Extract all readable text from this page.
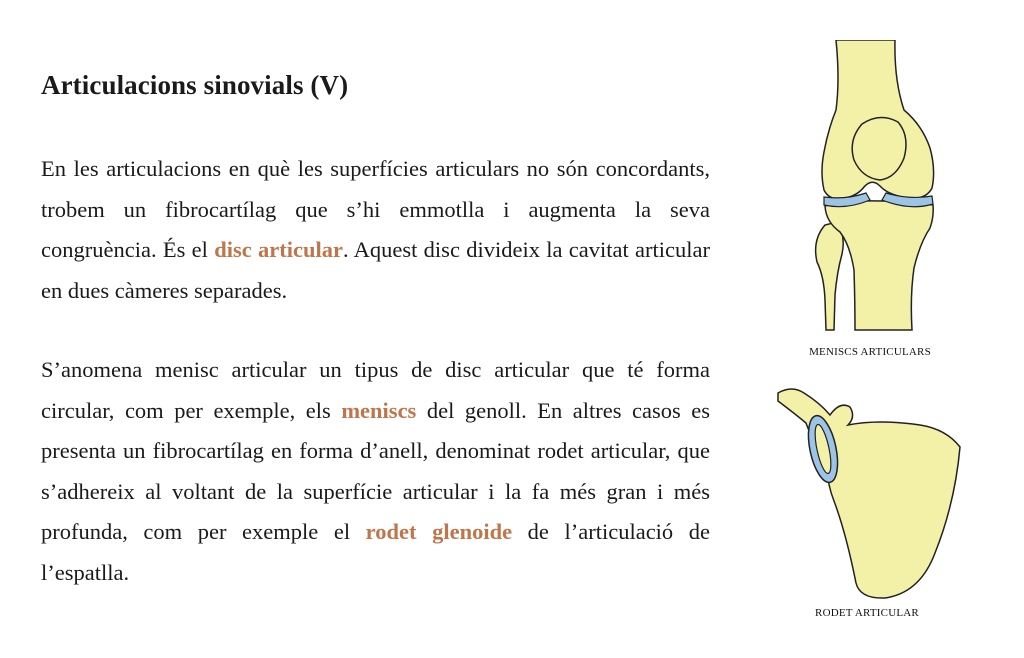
Articulacions sinovials (V)

En les articulacions en què les superfícies articulars no són concordants, trobem un fibrocartílag que s’hi emmotlla i augmenta la seva congruència. És el disc articular. Aquest disc divideix la cavitat articular en dues càmeres separades.

S’anomena menisc articular un tipus de disc articular que té forma circular, com per exemple, els meniscs del genoll. En altres casos es presenta un fibrocartílag en forma d’anell, denominat rodet articular, que s’adhereix al voltant de la superfície articular i la fa més gran i més profunda, com per exemple el rodet glenoide de l’articulació de l’espatlla.

MENISCS ARTICULARS
RODET ARTICULAR
